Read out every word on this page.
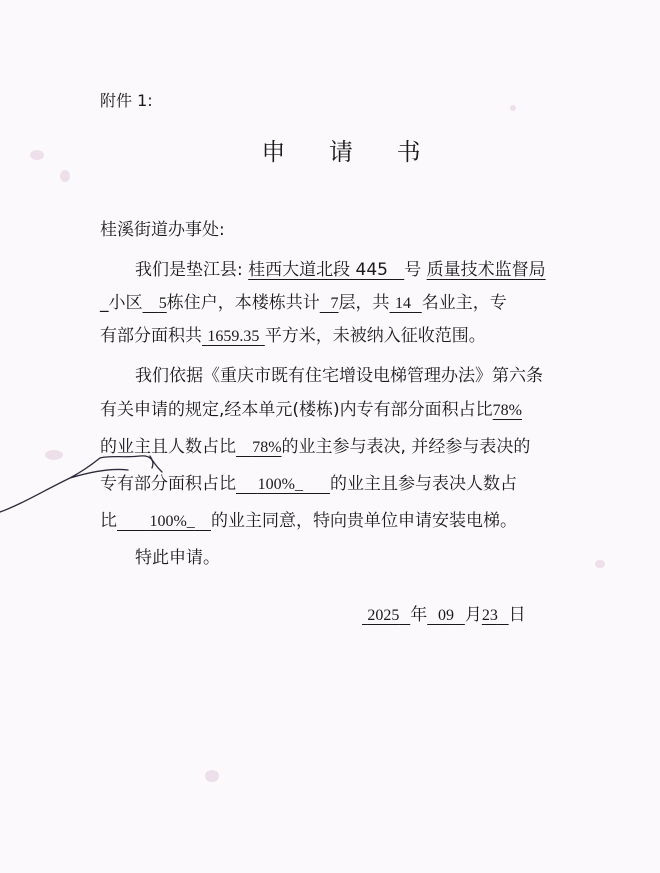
附件 1:
申 请 书
桂溪街道办事处:
我们是垫江县: 桂西大道北段 445 号 质量技术监督局
_小区 5栋住户，本楼栋共计 7层，共 14 名业主，专
有部分面积共 1659.35 平方米，未被纳入征收范围。
我们依据《重庆市既有住宅增设电梯管理办法》第六条
有关申请的规定,经本单元(楼栋)内专有部分面积占比78%
的业主且人数占比 78%的业主参与表决, 并经参与表决的
专有部分面积占比 100%_ 的业主且参与表决人数占
比 100%_ 的业主同意，特向贵单位申请安装电梯。
特此申请。
2025 年 09 月23 日
